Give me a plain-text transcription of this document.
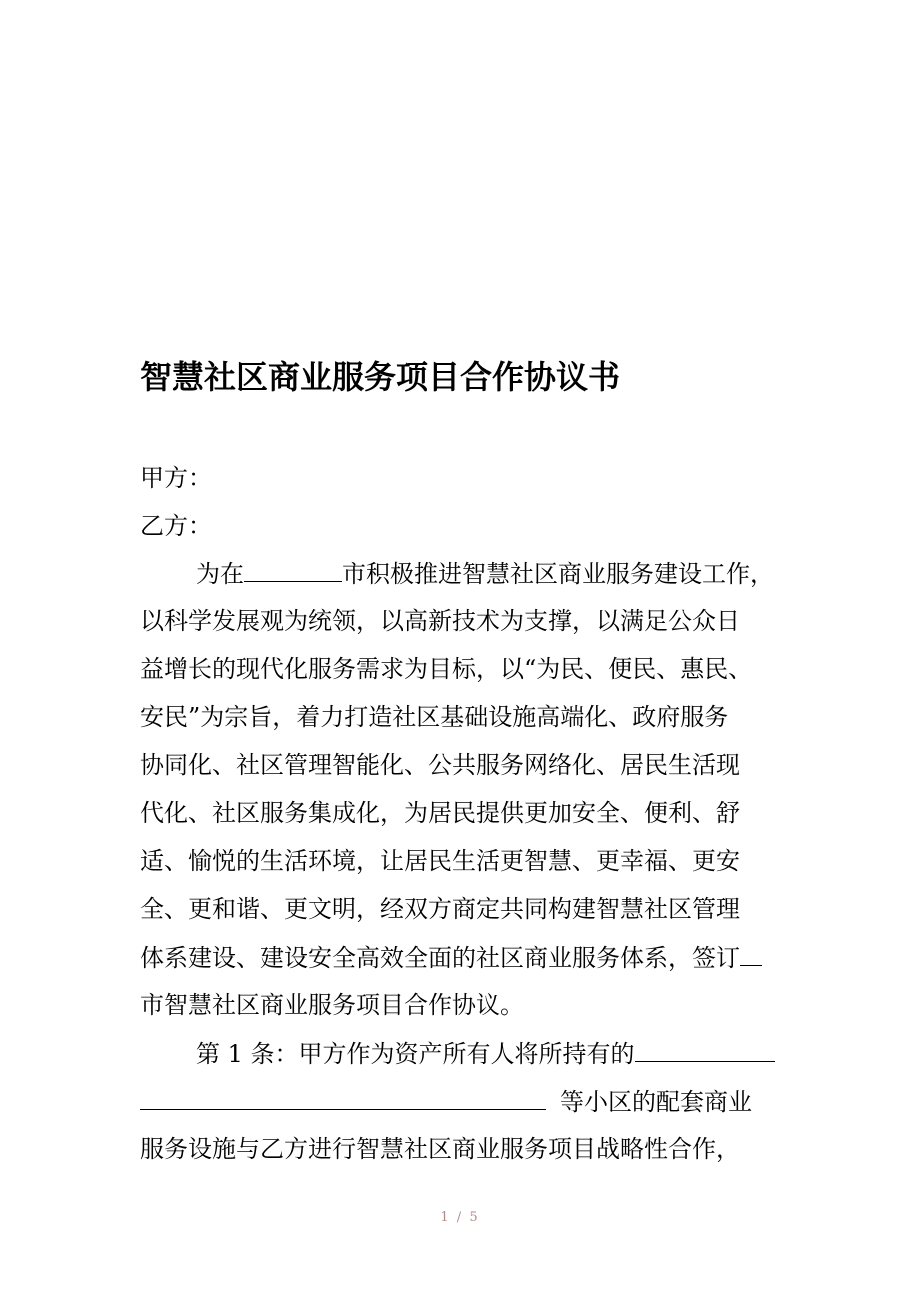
智慧社区商业服务项目合作协议书
甲方：
乙方：
为在	市积极推进智慧社区商业服务建设工作，
以科学发展观为统领，以高新技术为支撑，以满足公众日
益增长的现代化服务需求为目标，以“为民、便民、惠民、
安民”为宗旨，着力打造社区基础设施高端化、政府服务
协同化、社区管理智能化、公共服务网络化、居民生活现
代化、社区服务集成化，为居民提供更加安全、便利、舒
适、愉悦的生活环境，让居民生活更智慧、更幸福、更安
全、更和谐、更文明，经双方商定共同构建智慧社区管理
体系建设、建设安全高效全面的社区商业服务体系，签订
市智慧社区商业服务项目合作协议。
第 1 条：甲方作为资产所有人将所持有的
等小区的配套商业
服务设施与乙方进行智慧社区商业服务项目战略性合作，
1 / 5
